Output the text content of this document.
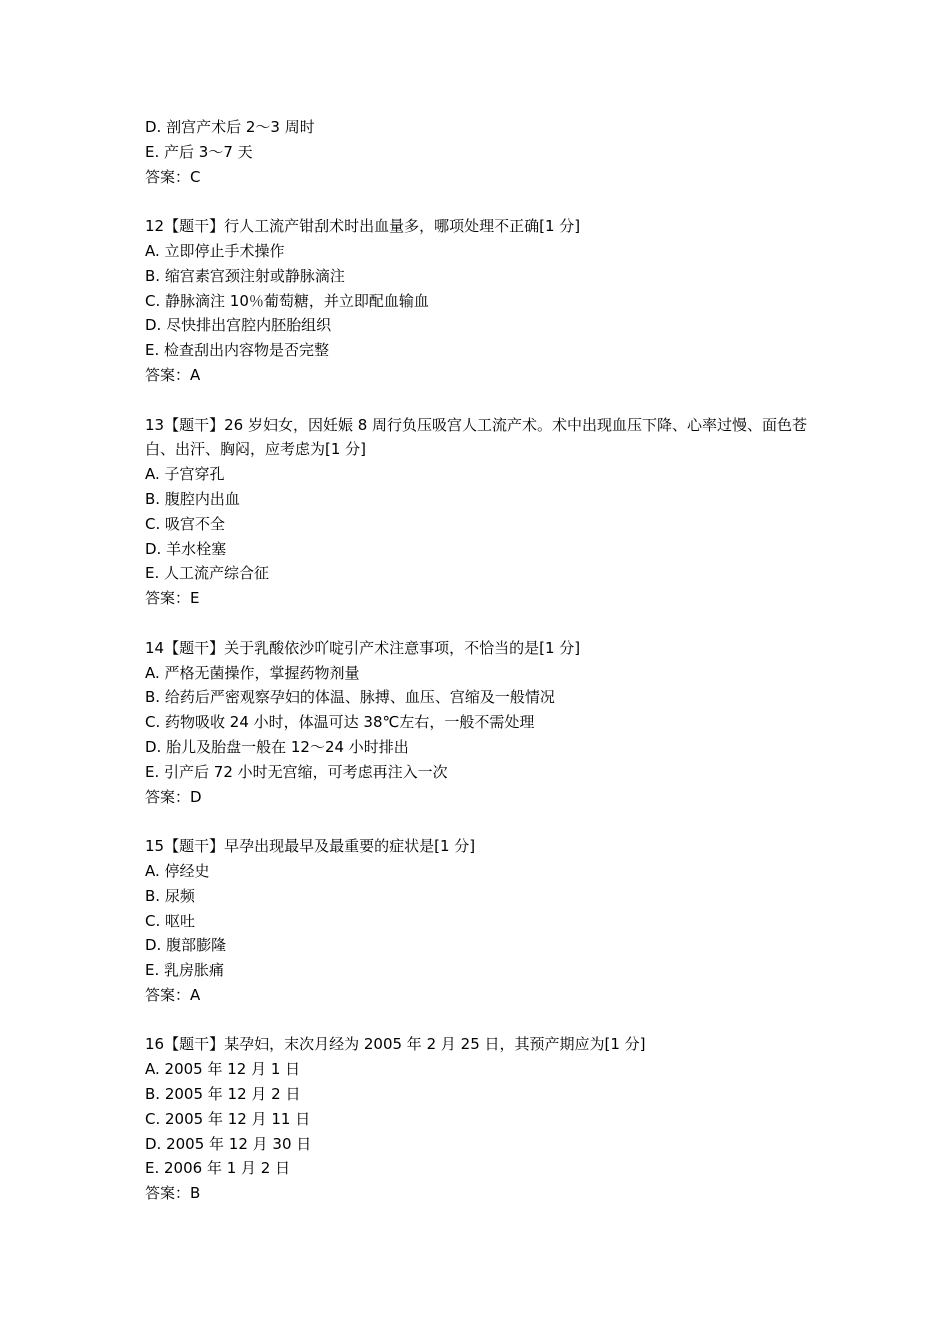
D. 剖宫产术后 2～3 周时

E. 产后 3～7 天

答案：C

12【题干】行人工流产钳刮术时出血量多，哪项处理不正确[1 分]

A. 立即停止手术操作

B. 缩宫素宫颈注射或静脉滴注

C. 静脉滴注 10％葡萄糖，并立即配血输血

D. 尽快排出宫腔内胚胎组织

E. 检查刮出内容物是否完整

答案：A

13【题干】26 岁妇女，因妊娠 8 周行负压吸宫人工流产术。术中出现血压下降、心率过慢、面色苍白、出汗、胸闷，应考虑为[1 分]

A. 子宫穿孔

B. 腹腔内出血

C. 吸宫不全

D. 羊水栓塞

E. 人工流产综合征

答案：E

14【题干】关于乳酸依沙吖啶引产术注意事项，不恰当的是[1 分]

A. 严格无菌操作，掌握药物剂量

B. 给药后严密观察孕妇的体温、脉搏、血压、宫缩及一般情况

C. 药物吸收 24 小时，体温可达 38℃左右，一般不需处理

D. 胎儿及胎盘一般在 12～24 小时排出

E. 引产后 72 小时无宫缩，可考虑再注入一次

答案：D

15【题干】早孕出现最早及最重要的症状是[1 分]

A. 停经史

B. 尿频

C. 呕吐

D. 腹部膨隆

E. 乳房胀痛

答案：A

16【题干】某孕妇，末次月经为 2005 年 2 月 25 日，其预产期应为[1 分]

A. 2005 年 12 月 1 日

B. 2005 年 12 月 2 日

C. 2005 年 12 月 11 日

D. 2005 年 12 月 30 日

E. 2006 年 1 月 2 日

答案：B
